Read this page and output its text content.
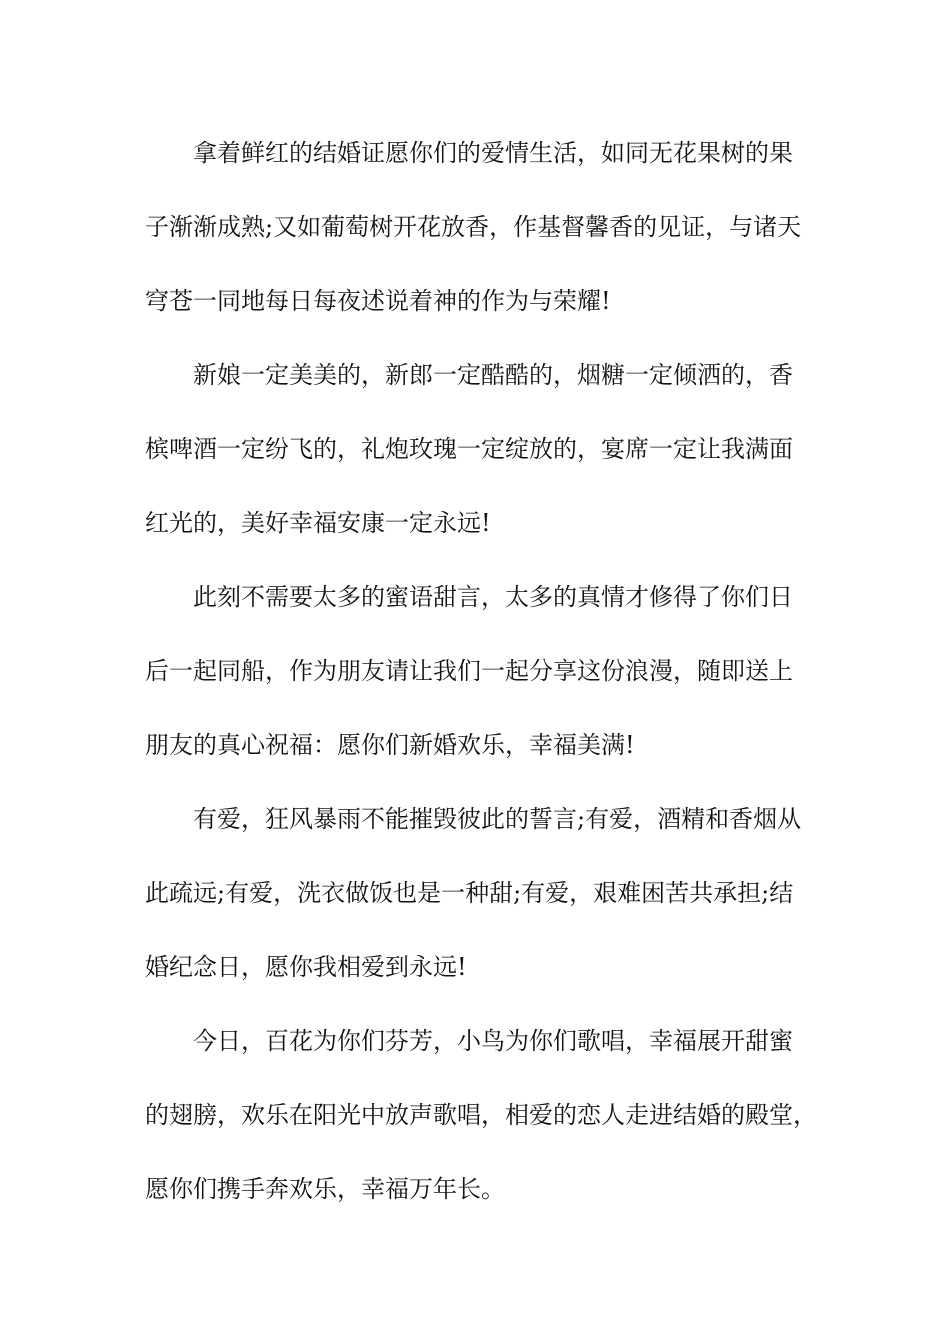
拿着鲜红的结婚证愿你们的爱情生活，如同无花果树的果
子渐渐成熟;又如葡萄树开花放香，作基督馨香的见证，与诸天
穹苍一同地每日每夜述说着神的作为与荣耀!

新娘一定美美的，新郎一定酷酷的，烟糖一定倾洒的，香
槟啤酒一定纷飞的，礼炮玫瑰一定绽放的，宴席一定让我满面
红光的，美好幸福安康一定永远!

此刻不需要太多的蜜语甜言，太多的真情才修得了你们日
后一起同船，作为朋友请让我们一起分享这份浪漫，随即送上
朋友的真心祝福：愿你们新婚欢乐，幸福美满!

有爱，狂风暴雨不能摧毁彼此的誓言;有爱，酒精和香烟从
此疏远;有爱，洗衣做饭也是一种甜;有爱，艰难困苦共承担;结
婚纪念日，愿你我相爱到永远!

今日，百花为你们芬芳，小鸟为你们歌唱，幸福展开甜蜜
的翅膀，欢乐在阳光中放声歌唱，相爱的恋人走进结婚的殿堂，
愿你们携手奔欢乐，幸福万年长。
